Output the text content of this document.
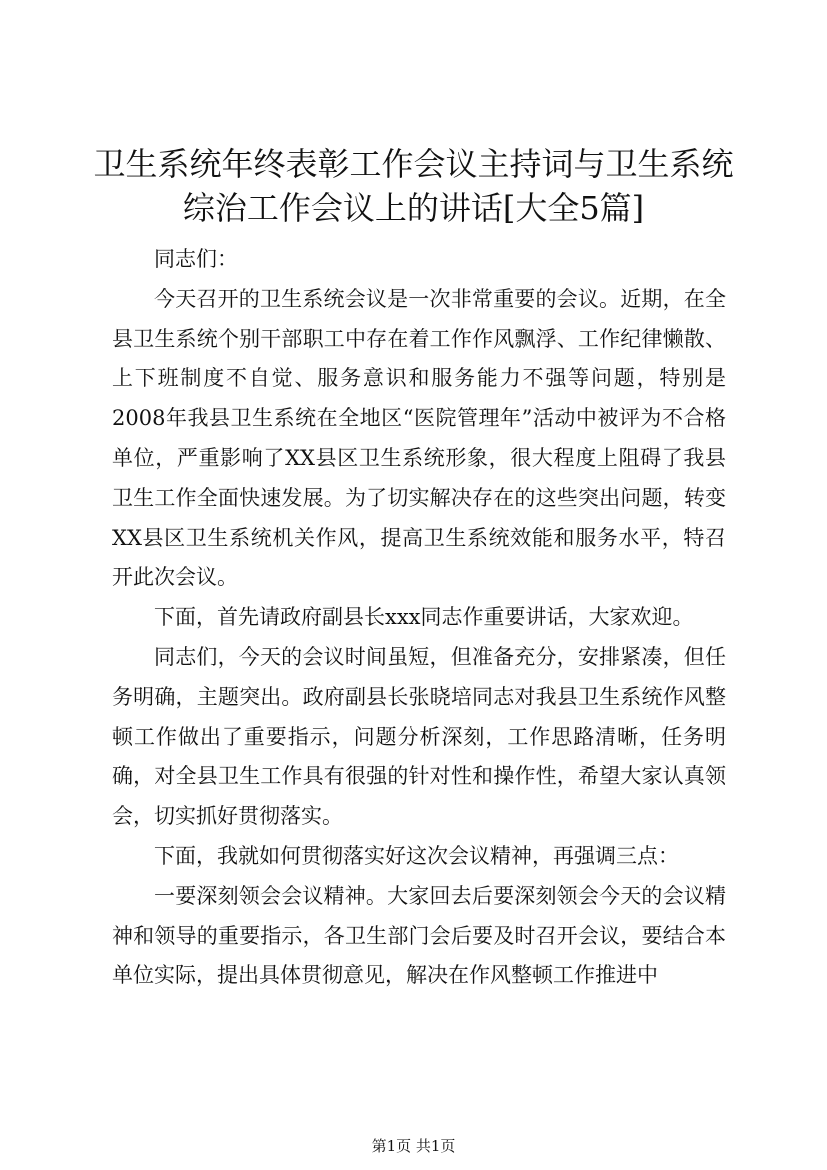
卫生系统年终表彰工作会议主持词与卫生系统
综治工作会议上的讲话[大全5篇]

同志们：

今天召开的卫生系统会议是一次非常重要的会议。近期，在全县卫生系统个别干部职工中存在着工作作风飘浮、工作纪律懒散、上下班制度不自觉、服务意识和服务能力不强等问题，特别是2008年我县卫生系统在全地区“医院管理年”活动中被评为不合格单位，严重影响了XX县区卫生系统形象，很大程度上阻碍了我县卫生工作全面快速发展。为了切实解决存在的这些突出问题，转变XX县区卫生系统机关作风，提高卫生系统效能和服务水平，特召开此次会议。

下面，首先请政府副县长xxx同志作重要讲话，大家欢迎。

同志们，今天的会议时间虽短，但准备充分，安排紧凑，但任务明确，主题突出。政府副县长张晓培同志对我县卫生系统作风整顿工作做出了重要指示，问题分析深刻，工作思路清晰，任务明确，对全县卫生工作具有很强的针对性和操作性，希望大家认真领会，切实抓好贯彻落实。

下面，我就如何贯彻落实好这次会议精神，再强调三点：

一要深刻领会会议精神。大家回去后要深刻领会今天的会议精神和领导的重要指示，各卫生部门会后要及时召开会议，要结合本单位实际，提出具体贯彻意见，解决在作风整顿工作推进中

第1页 共1页
